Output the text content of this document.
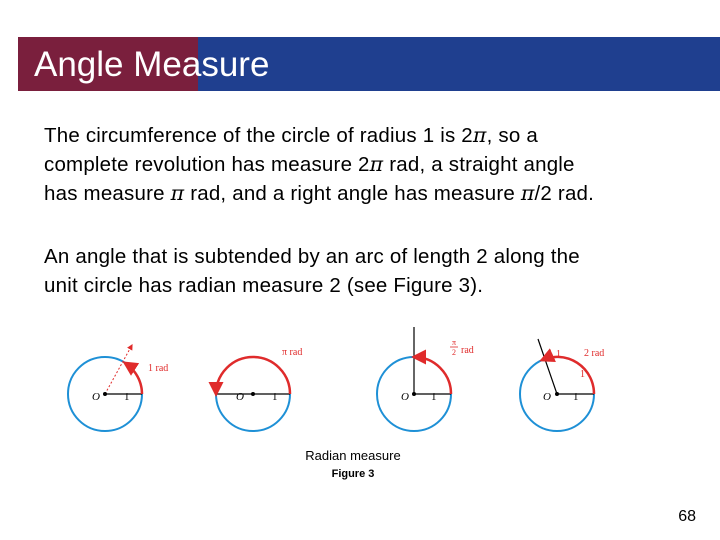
Angle Measure
The circumference of the circle of radius 1 is 2π, so a
complete revolution has measure 2π rad, a straight angle
has measure π rad, and a right angle has measure π/2 rad.
An angle that is subtended by an arc of length 2 along the
unit circle has radian measure 2 (see Figure 3).
1 rad
O 1
π rad
O	1
π
2 rad
O 1
2 rad
1
1
O 1
Radian measure
Figure 3
68
